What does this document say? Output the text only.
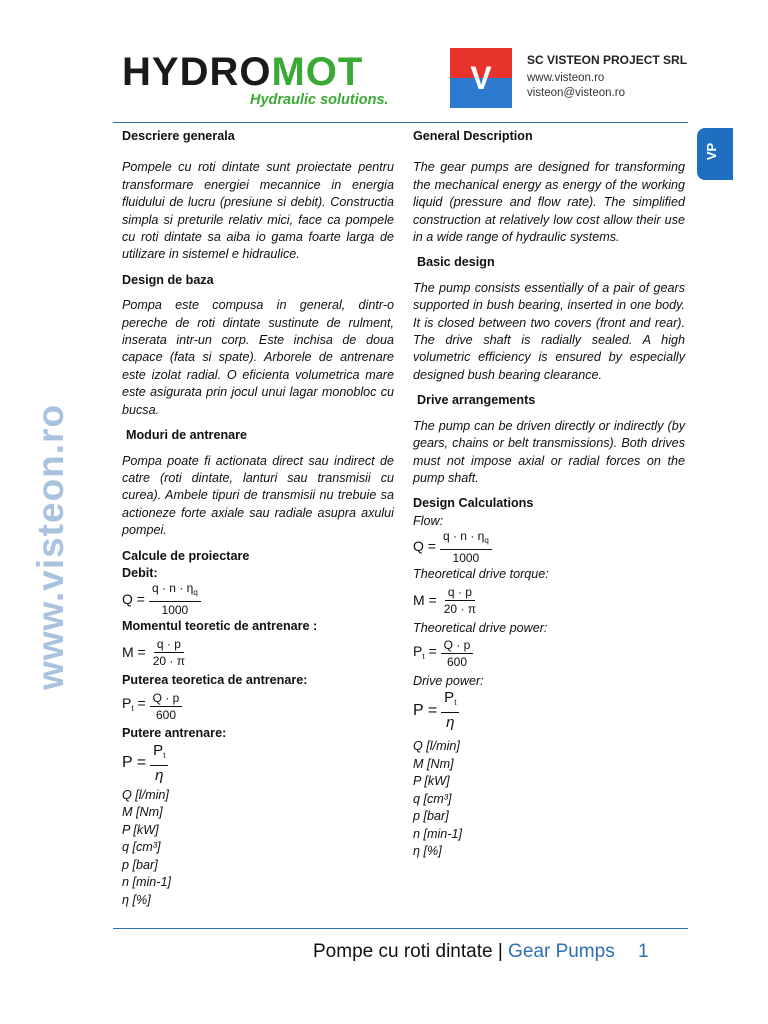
HYDROMOT
Hydraulic solutions.
V	SC VISTEON PROJECT SRL
www.visteon.ro
visteon@visteon.ro
VP
www.visteon.ro

Descriere generala

Pompele cu roti dintate sunt proiectate pentru transformare energiei mecannice in energia fluidului de lucru (presiune si debit). Constructia simpla si preturile relativ mici, face ca pompele cu roti dintate sa aiba io gama foarte larga de utilizare in sistemel e hidraulice.

Design de baza

Pompa este compusa in general, dintr-o pereche de roti dintate sustinute de rulment, inserata intr-un corp. Este inchisa de doua capace (fata si spate). Arborele de antrenare este izolat radial. O eficienta volumetrica mare este asigurata prin jocul unui lagar monobloc cu bucsa.

Moduri de antrenare

Pompa poate fi actionata direct sau indirect de catre (roti dintate, lanturi sau transmisii cu curea). Ambele tipuri de transmisii nu trebuie sa actioneze forte axiale sau radiale asupra axului pompei.

Calcule de proiectare

Debit:

$Q = \frac{q \cdot n \cdot \eta_q}{1000}$

Momentul teoretic de antrenare :

$M = \frac{q \cdot p}{20 \cdot \pi}$

Puterea teoretica de antrenare:

$P_t = \frac{Q \cdot p}{600}$

Putere antrenare:

$P = \frac{P_t}{\eta}$
Q [l/min]
M [Nm]
P [kW]
q [cm³]
p [bar]
n [min-1]
η [%]

General Description

The gear pumps are designed for transforming the mechanical energy as energy of the working liquid (pressure and flow rate). The simplified construction at relatively low cost allow their use in a wide range of hydraulic systems.

Basic design

The pump consists essentially of a pair of gears supported in bush bearing, inserted in one body. It is closed between two covers (front and rear). The drive shaft is radially sealed. A high volumetric efficiency is ensured by especially designed bush bearing clearance.

Drive arrangements

The pump can be driven directly or indirectly (by gears, chains or belt transmissions). Both drives must not impose axial or radial forces on the pump shaft.

Design Calculations

Flow:

$Q = \frac{q \cdot n \cdot \eta_q}{1000}$

Theoretical drive torque:

$M = \frac{q \cdot p}{20 \cdot \pi}$

Theoretical drive power:

$P_t = \frac{Q \cdot p}{600}$

Drive power:

$P = \frac{P_t}{\eta}$
Q [l/min]
M [Nm]
P [kW]
q [cm³]
p [bar]
n [min-1]
η [%]
Pompe cu roti dintate | Gear Pumps 1
